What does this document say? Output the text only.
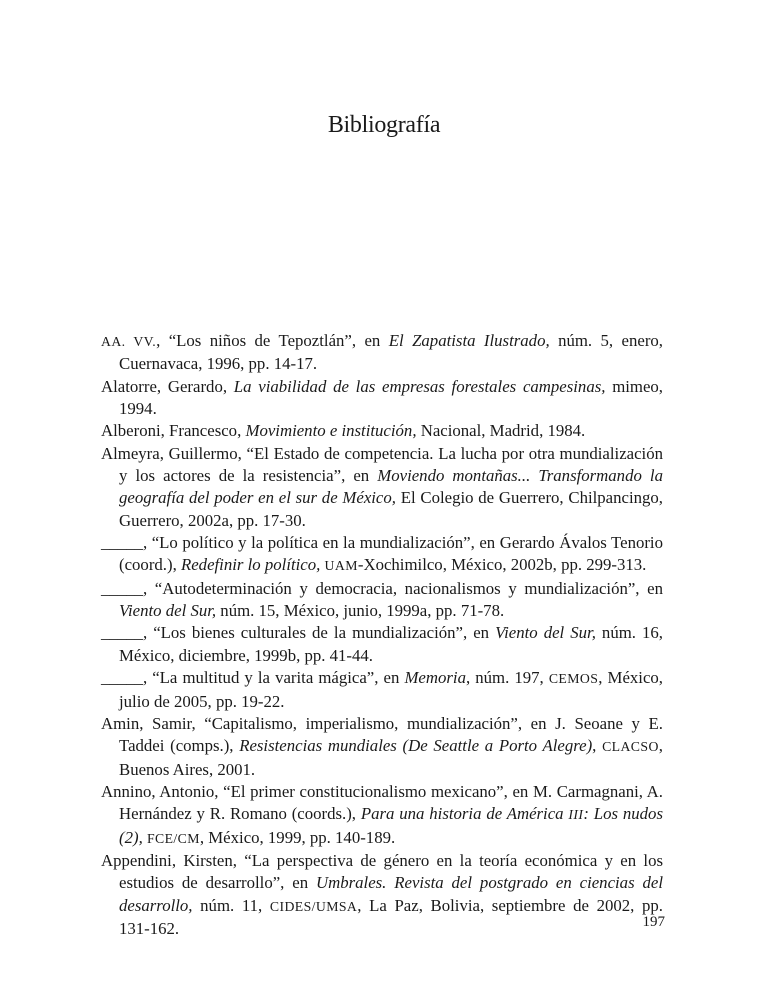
Bibliografía

AA. VV., “Los niños de Tepoztlán”, en El Zapatista Ilustrado, núm. 5, enero, Cuernavaca, 1996, pp. 14-17.

Alatorre, Gerardo, La viabilidad de las empresas forestales campesinas, mimeo, 1994.

Alberoni, Francesco, Movimiento e institución, Nacional, Madrid, 1984.

Almeyra, Guillermo, “El Estado de competencia. La lucha por otra mundialización y los actores de la resistencia”, en Moviendo montañas... Transformando la geografía del poder en el sur de México, El Colegio de Guerrero, Chilpancingo, Guerrero, 2002a, pp. 17-30.

_____, “Lo político y la política en la mundialización”, en Gerardo Ávalos Tenorio (coord.), Redefinir lo político, UAM-Xochimilco, México, 2002b, pp. 299-313.

_____, “Autodeterminación y democracia, nacionalismos y mundialización”, en Viento del Sur, núm. 15, México, junio, 1999a, pp. 71-78.

_____, “Los bienes culturales de la mundialización”, en Viento del Sur, núm. 16, México, diciembre, 1999b, pp. 41-44.

_____, “La multitud y la varita mágica”, en Memoria, núm. 197, CEMOS, México, julio de 2005, pp. 19-22.

Amin, Samir, “Capitalismo, imperialismo, mundialización”, en J. Seoane y E. Taddei (comps.), Resistencias mundiales (De Seattle a Porto Alegre), CLACSO, Buenos Aires, 2001.

Annino, Antonio, “El primer constitucionalismo mexicano”, en M. Carmagnani, A. Hernández y R. Romano (coords.), Para una historia de América III: Los nudos (2), FCE/CM, México, 1999, pp. 140-189.

Appendini, Kirsten, “La perspectiva de género en la teoría económica y en los estudios de desarrollo”, en Umbrales. Revista del postgrado en ciencias del desarrollo, núm. 11, CIDES/UMSA, La Paz, Bolivia, septiembre de 2002, pp. 131-162.	197
